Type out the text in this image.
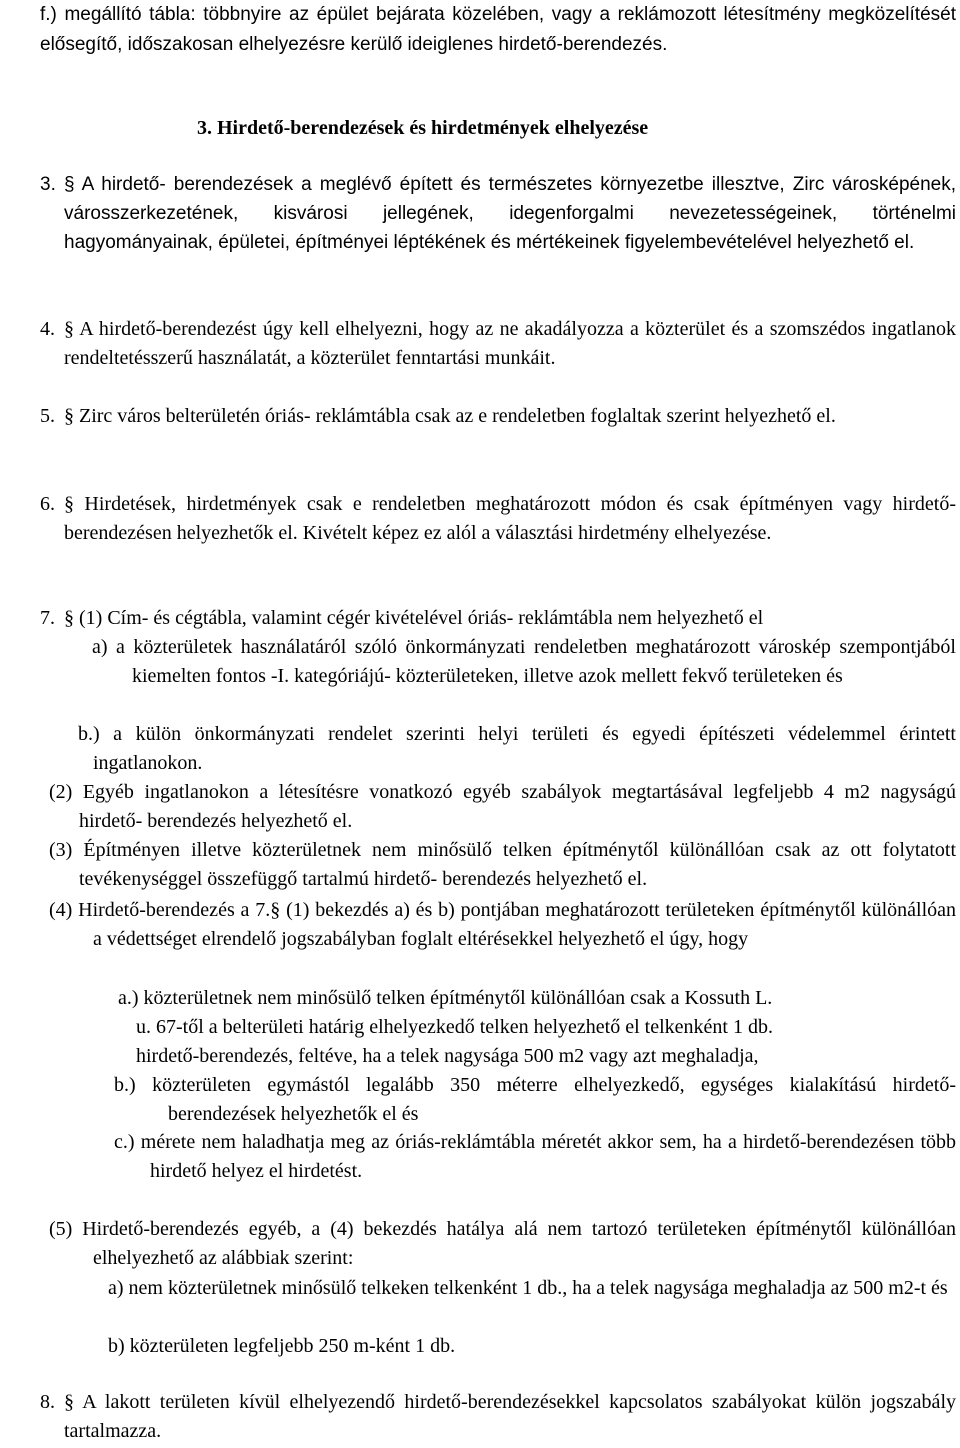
f.) megállító tábla: többnyire az épület bejárata közelében, vagy a reklámozott létesítmény megközelítését elősegítő, időszakosan elhelyezésre kerülő ideiglenes hirdető-berendezés.

3. Hirdető-berendezések és hirdetmények elhelyezése

3. § A hirdető- berendezések a meglévő épített és természetes környezetbe illesztve, Zirc városképének, városszerkezetének, kisvárosi jellegének, idegenforgalmi nevezetességeinek, történelmi hagyományainak, épületei, építményei léptékének és mértékeinek figyelembevételével helyezhető el.

4. § A hirdető-berendezést úgy kell elhelyezni, hogy az ne akadályozza a közterület és a szomszédos ingatlanok rendeltetésszerű használatát, a közterület fenntartási munkáit.

5. § Zirc város belterületén óriás- reklámtábla csak az e rendeletben foglaltak szerint helyezhető el.

6. § Hirdetések, hirdetmények csak e rendeletben meghatározott módon és csak építményen vagy hirdető-berendezésen helyezhetők el. Kivételt képez ez alól a választási hirdetmény elhelyezése.

7. § (1) Cím- és cégtábla, valamint cégér kivételével óriás- reklámtábla nem helyezhető el

a) a közterületek használatáról szóló önkormányzati rendeletben meghatározott városkép szempontjából kiemelten fontos -I. kategóriájú- közterületeken, illetve azok mellett fekvő területeken és

b.) a külön önkormányzati rendelet szerinti helyi területi és egyedi építészeti védelemmel érintett ingatlanokon.

(2) Egyéb ingatlanokon a létesítésre vonatkozó egyéb szabályok megtartásával legfeljebb 4 m2 nagyságú hirdető- berendezés helyezhető el.

(3) Építményen illetve közterületnek nem minősülő telken építménytől különállóan csak az ott folytatott tevékenységgel összefüggő tartalmú hirdető- berendezés helyezhető el.

(4) Hirdető-berendezés a 7.§ (1) bekezdés a) és b) pontjában meghatározott területeken építménytől különállóan a védettséget elrendelő jogszabályban foglalt eltérésekkel helyezhető el úgy, hogy

a.) közterületnek nem minősülő telken építménytől különállóan csak a Kossuth L.

u. 67-től a belterületi határig elhelyezkedő telken helyezhető el telkenként 1 db.

hirdető-berendezés, feltéve, ha a telek nagysága 500 m2 vagy azt meghaladja,

b.) közterületen egymástól legalább 350 méterre elhelyezkedő, egységes kialakítású hirdető-berendezések helyezhetők el és

c.) mérete nem haladhatja meg az óriás-reklámtábla méretét akkor sem, ha a hirdető-berendezésen több hirdető helyez el hirdetést.

(5) Hirdető-berendezés egyéb, a (4) bekezdés hatálya alá nem tartozó területeken építménytől különállóan elhelyezhető az alábbiak szerint:

a) nem közterületnek minősülő telkeken telkenként 1 db., ha a telek nagysága meghaladja az 500 m2-t és

b) közterületen legfeljebb 250 m-ként 1 db.

8. § A lakott területen kívül elhelyezendő hirdető-berendezésekkel kapcsolatos szabályokat külön jogszabály tartalmazza.
